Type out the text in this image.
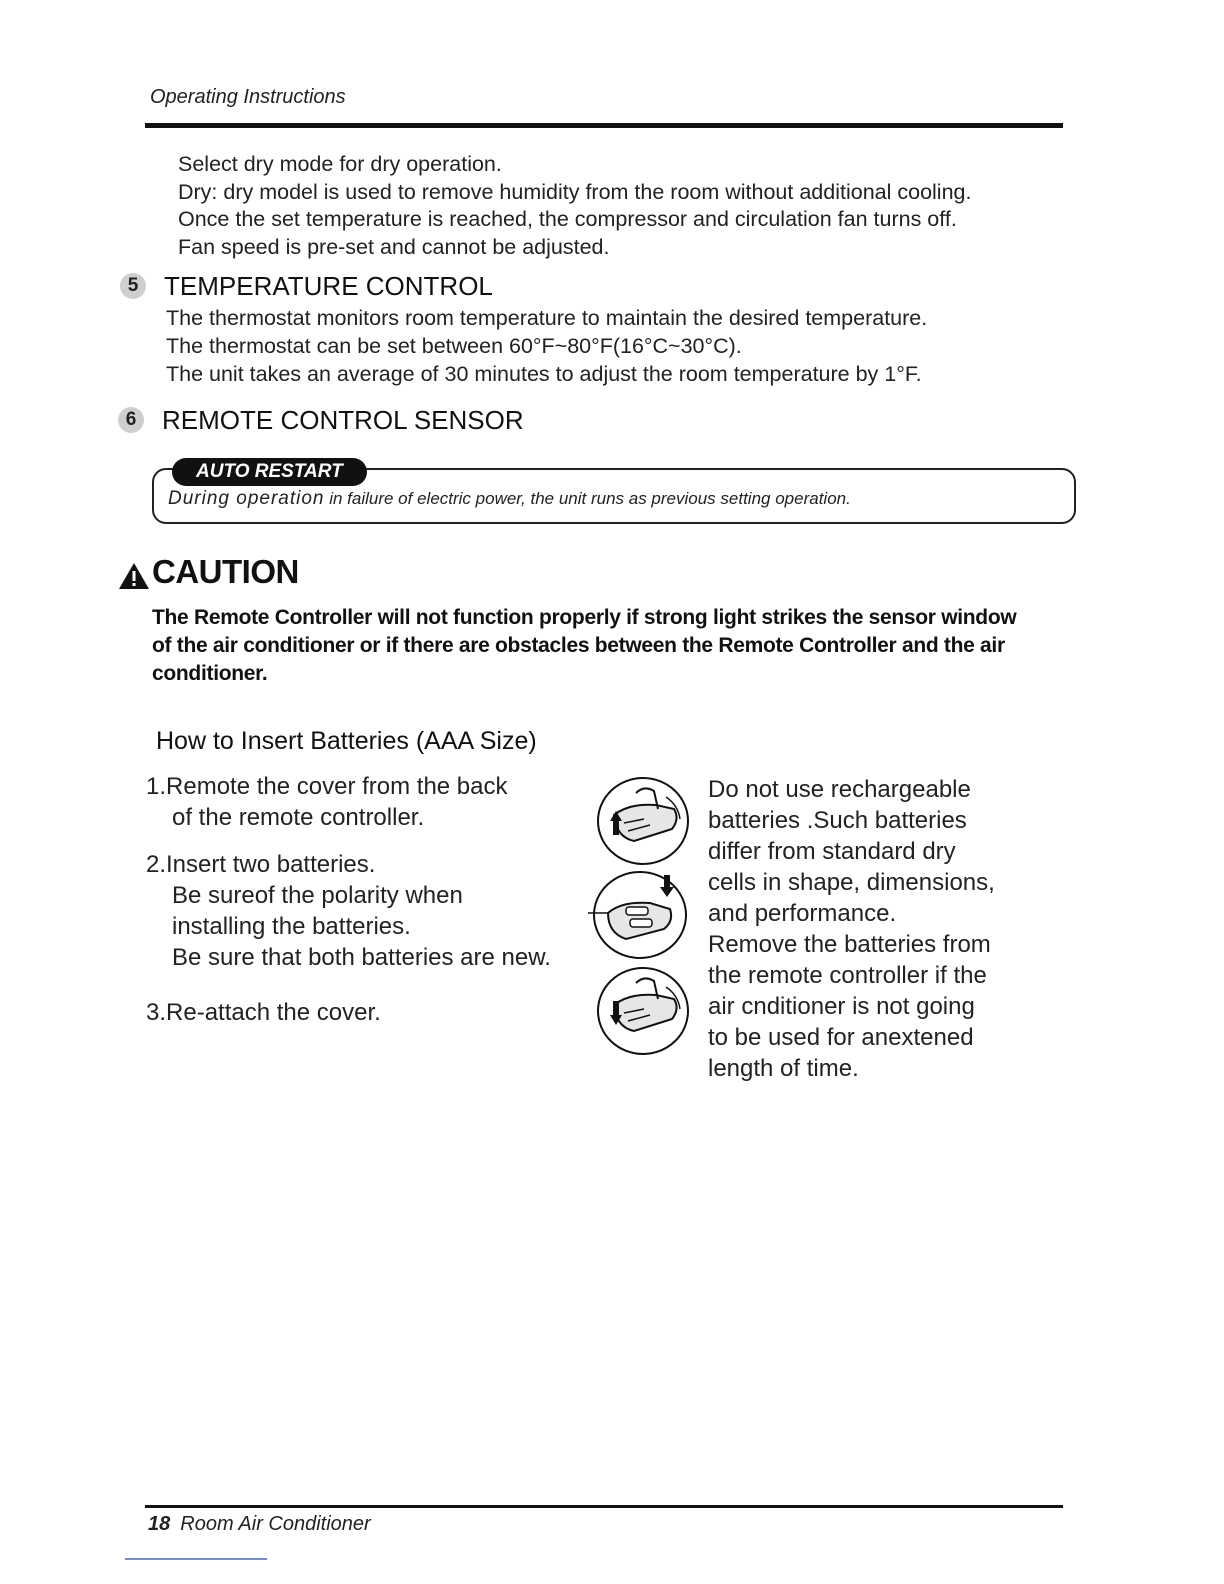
Operating Instructions
Select dry mode for dry operation.
Dry: dry model is used to remove humidity from the room without additional cooling.
Once the set temperature is reached, the compressor and circulation fan turns off.
Fan speed is pre-set and cannot be adjusted.
5 TEMPERATURE CONTROL
The thermostat monitors room temperature to maintain the desired temperature.
The thermostat can be set between 60°F~80°F(16°C~30°C).
The unit takes an average of 30 minutes to adjust the room temperature by 1°F.
6 REMOTE CONTROL SENSOR
AUTO RESTART
During operation in failure of electric power, the unit runs as previous setting operation.
CAUTION
The Remote Controller will not function properly if strong light strikes the sensor window
of the air conditioner or if there are obstacles between the Remote Controller and the air
conditioner.
How to Insert Batteries (AAA Size)
1.Remote the cover from the back
of the remote controller.
2.Insert two batteries.
Be sureof the polarity when
installing the batteries.
Be sure that both batteries are new.
3.Re-attach the cover.
Do not use rechargeable
batteries .Such batteries
differ from standard dry
cells in shape, dimensions,
and performance.
Remove the batteries from
the remote controller if the
air cnditioner is not going
to be used for anextened
length of time.
18 Room Air Conditioner
